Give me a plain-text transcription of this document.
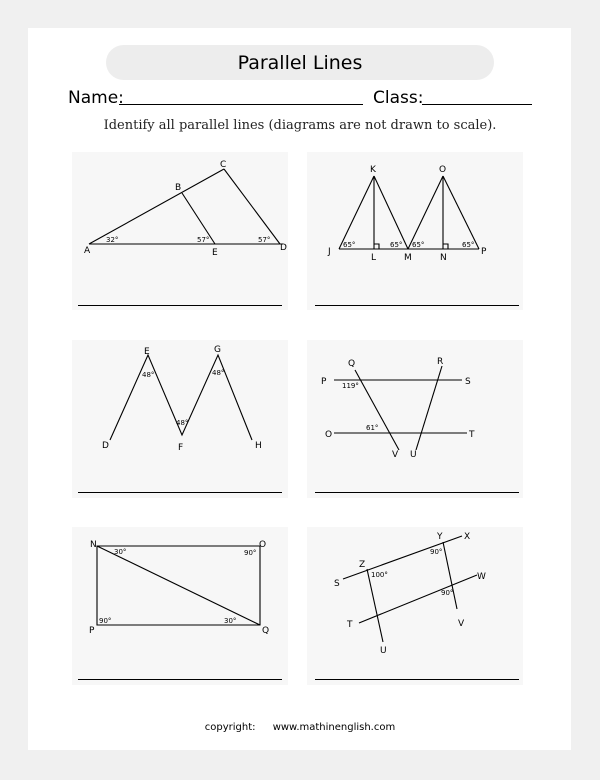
Parallel Lines
Name:	Class:
Identify all parallel lines (diagrams are not drawn to scale).
A
B
C
D
E
32°	57°	57°
K	O
J
L	M	N
P
65°	65° 65°	65°
E	G
D	F	H
48°
48°
48°
Q	R
P	S
O	T
V U
119°
61°
N	O
P	Q
30°	90°
90°	30°
Y X
Z
S
W
T	V
U
90°
100°
90°
copyright: www.mathinenglish.com
